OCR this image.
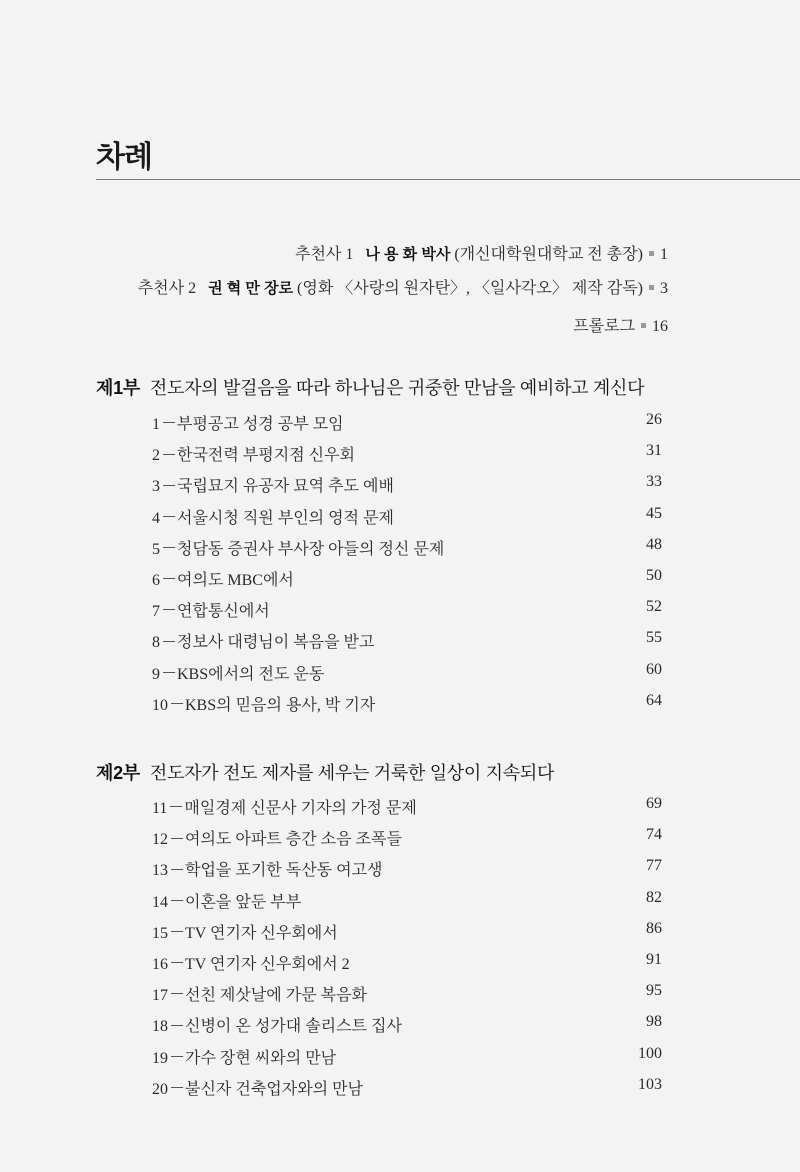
차례
추천사 1 나 용 화 박사 (개신대학원대학교 전 총장) 1
추천사 2 권 혁 만 장로 (영화 〈사랑의 원자탄〉, 〈일사각오〉 제작 감독) 3
프롤로그 16
제1부 전도자의 발걸음을 따라 하나님은 귀중한 만남을 예비하고 계신다
1 부평공고 성경 공부 모임	26
2 한국전력 부평지점 신우회	31
3 국립묘지 유공자 묘역 추도 예배	33
4 서울시청 직원 부인의 영적 문제	45
5 청담동 증권사 부사장 아들의 정신 문제	48
6 여의도 MBC에서	50
7 연합통신에서	52
8 정보사 대령님이 복음을 받고	55
9 KBS에서의 전도 운동	60
10 KBS의 믿음의 용사, 박 기자	64
제2부 전도자가 전도 제자를 세우는 거룩한 일상이 지속되다
11 매일경제 신문사 기자의 가정 문제	69
12 여의도 아파트 층간 소음 조폭들	74
13 학업을 포기한 독산동 여고생	77
14 이혼을 앞둔 부부	82
15 TV 연기자 신우회에서	86
16 TV 연기자 신우회에서 2	91
17 선친 제삿날에 가문 복음화	95
18 신병이 온 성가대 솔리스트 집사	98
19 가수 장현 씨와의 만남	100
20 불신자 건축업자와의 만남	103
